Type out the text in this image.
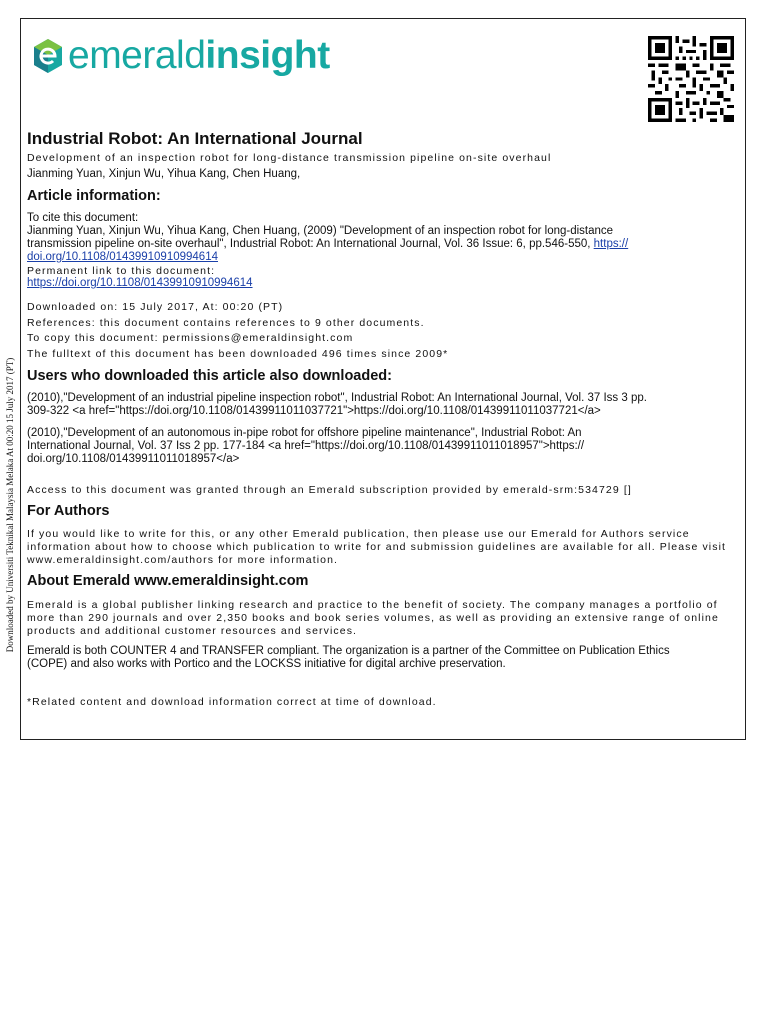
Downloaded by Universiti Teknikal Malaysia Melaka At 00:20 15 July 2017 (PT)
emerald insight
Industrial Robot: An International Journal
Development of an inspection robot for long-distance transmission pipeline on-site overhaul
Jianming Yuan, Xinjun Wu, Yihua Kang, Chen Huang,
Article information:
To cite this document:
Jianming Yuan, Xinjun Wu, Yihua Kang, Chen Huang, (2009) "Development of an inspection robot for long-distance
transmission pipeline on-site overhaul", Industrial Robot: An International Journal, Vol. 36 Issue: 6, pp.546-550, https://
doi.org/10.1108/01439910910994614
Permanent link to this document:
https://doi.org/10.1108/01439910910994614
Downloaded on: 15 July 2017, At: 00:20 (PT)
References: this document contains references to 9 other documents.
To copy this document: permissions@emeraldinsight.com
The fulltext of this document has been downloaded 496 times since 2009*
Users who downloaded this article also downloaded:
(2010),"Development of an industrial pipeline inspection robot", Industrial Robot: An International Journal, Vol. 37 Iss 3 pp.
309-322 <a href="https://doi.org/10.1108/01439911011037721">https://doi.org/10.1108/01439911011037721</a>
(2010),"Development of an autonomous in-pipe robot for offshore pipeline maintenance", Industrial Robot: An
International Journal, Vol. 37 Iss 2 pp. 177-184 <a href="https://doi.org/10.1108/01439911011018957">https://
doi.org/10.1108/01439911011018957</a>
Access to this document was granted through an Emerald subscription provided by emerald-srm:534729 []
For Authors
If you would like to write for this, or any other Emerald publication, then please use our Emerald for Authors service
information about how to choose which publication to write for and submission guidelines are available for all. Please visit
www.emeraldinsight.com/authors for more information.
About Emerald www.emeraldinsight.com
Emerald is a global publisher linking research and practice to the benefit of society. The company manages a portfolio of
more than 290 journals and over 2,350 books and book series volumes, as well as providing an extensive range of online
products and additional customer resources and services.
Emerald is both COUNTER 4 and TRANSFER compliant. The organization is a partner of the Committee on Publication Ethics
(COPE) and also works with Portico and the LOCKSS initiative for digital archive preservation.
*Related content and download information correct at time of download.
